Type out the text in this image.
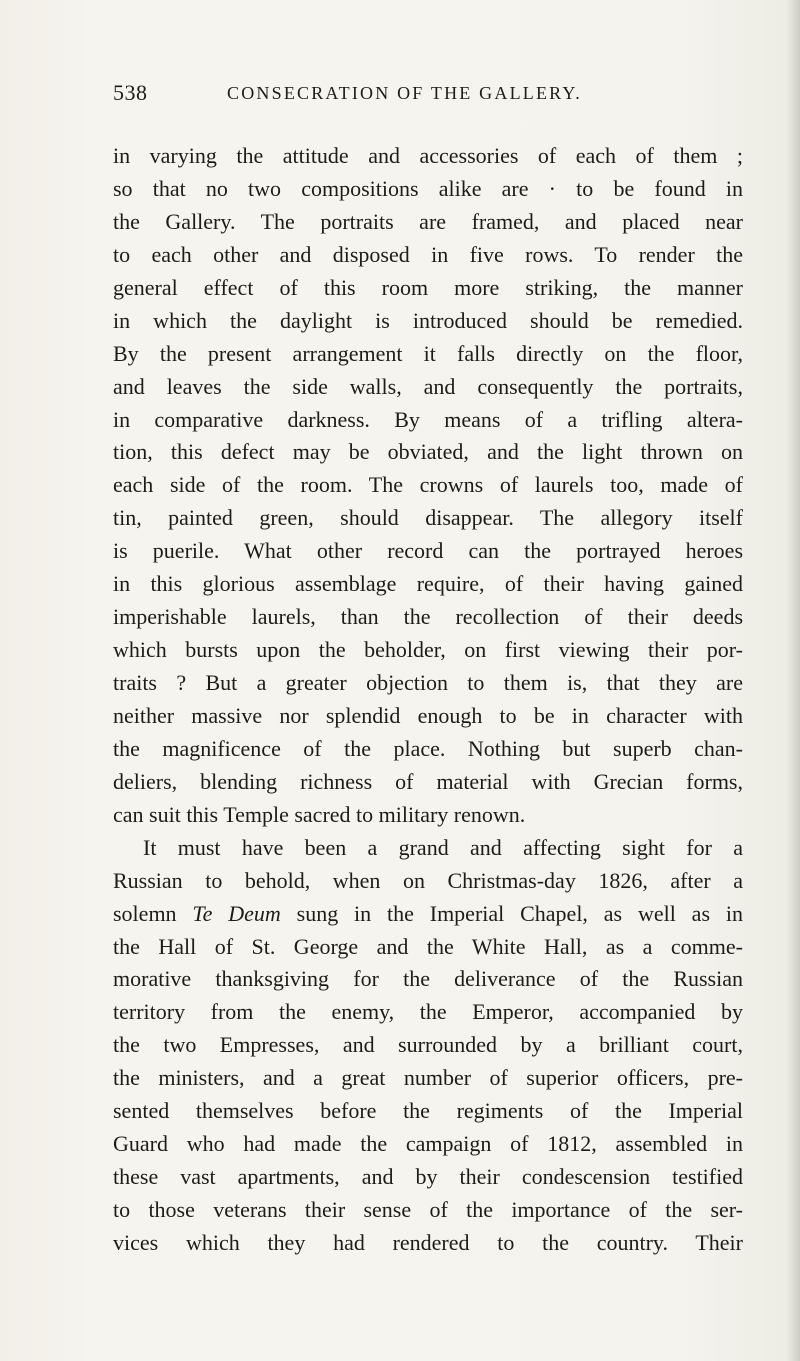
538	CONSECRATION OF THE GALLERY.
in varying the attitude and accessories of each of them ;
so that no two compositions alike are · to be found in
the Gallery. The portraits are framed, and placed near
to each other and disposed in five rows. To render the
general effect of this room more striking, the manner
in which the daylight is introduced should be remedied.
By the present arrangement it falls directly on the floor,
and leaves the side walls, and consequently the portraits,
in comparative darkness. By means of a trifling altera-
tion, this defect may be obviated, and the light thrown on
each side of the room. The crowns of laurels too, made of
tin, painted green, should disappear. The allegory itself
is puerile. What other record can the portrayed heroes
in this glorious assemblage require, of their having gained
imperishable laurels, than the recollection of their deeds
which bursts upon the beholder, on first viewing their por-
traits ? But a greater objection to them is, that they are
neither massive nor splendid enough to be in character with
the magnificence of the place. Nothing but superb chan-
deliers, blending richness of material with Grecian forms,
can suit this Temple sacred to military renown.
It must have been a grand and affecting sight for a
Russian to behold, when on Christmas-day 1826, after a
solemn Te Deum sung in the Imperial Chapel, as well as in
the Hall of St. George and the White Hall, as a comme-
morative thanksgiving for the deliverance of the Russian
territory from the enemy, the Emperor, accompanied by
the two Empresses, and surrounded by a brilliant court,
the ministers, and a great number of superior officers, pre-
sented themselves before the regiments of the Imperial
Guard who had made the campaign of 1812, assembled in
these vast apartments, and by their condescension testified
to those veterans their sense of the importance of the ser-
vices which they had rendered to the country. Their
